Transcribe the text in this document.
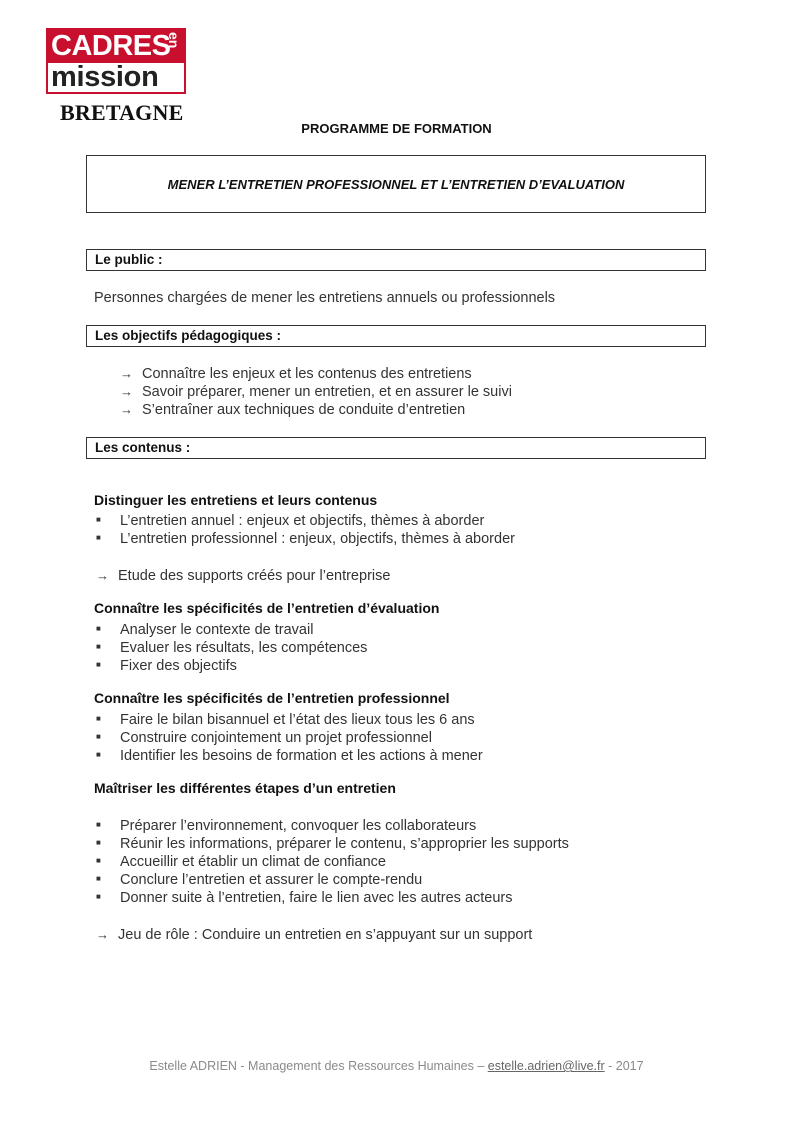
CADRES
en
mission
BRETAGNE
PROGRAMME DE FORMATION
MENER L’ENTRETIEN PROFESSIONNEL ET L’ENTRETIEN D’EVALUATION
Le public :
Personnes chargées de mener les entretiens annuels ou professionnels
Les objectifs pédagogiques :
→ Connaître les enjeux et les contenus des entretiens
→ Savoir préparer, mener un entretien, et en assurer le suivi
→ S’entraîner aux techniques de conduite d’entretien
Les contenus :
Distinguer les entretiens et leurs contenus
■ L’entretien annuel : enjeux et objectifs, thèmes à aborder
■ L’entretien professionnel : enjeux, objectifs, thèmes à aborder
→ Etude des supports créés pour l’entreprise
Connaître les spécificités de l’entretien d’évaluation
■ Analyser le contexte de travail
■ Evaluer les résultats, les compétences
■ Fixer des objectifs
Connaître les spécificités de l’entretien professionnel
■ Faire le bilan bisannuel et l’état des lieux tous les 6 ans
■ Construire conjointement un projet professionnel
■ Identifier les besoins de formation et les actions à mener
Maîtriser les différentes étapes d’un entretien
■ Préparer l’environnement, convoquer les collaborateurs
■ Réunir les informations, préparer le contenu, s’approprier les supports
■ Accueillir et établir un climat de confiance
■ Conclure l’entretien et assurer le compte-rendu
■ Donner suite à l’entretien, faire le lien avec les autres acteurs
→ Jeu de rôle : Conduire un entretien en s’appuyant sur un support
Estelle ADRIEN - Management des Ressources Humaines – estelle.adrien@live.fr - 2017
